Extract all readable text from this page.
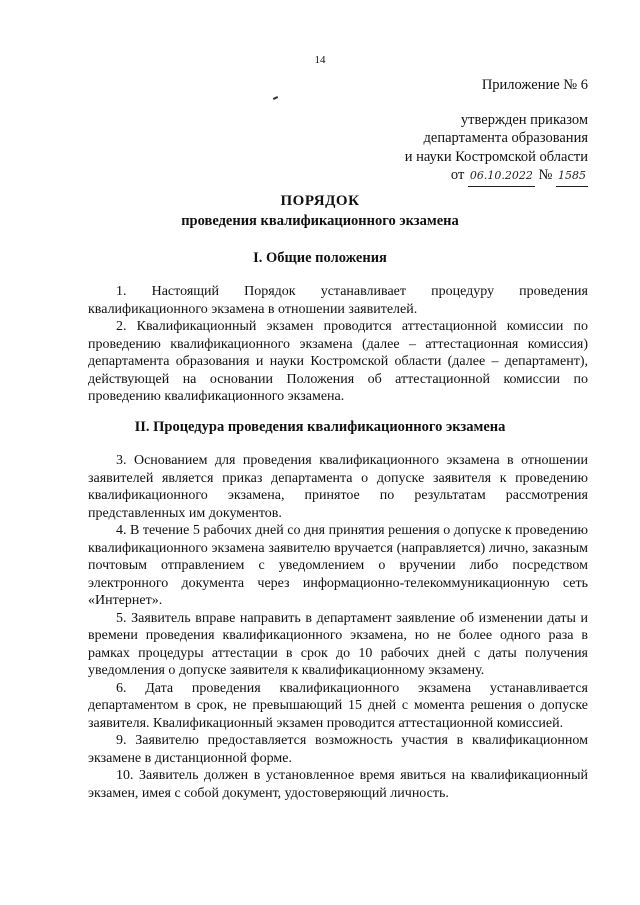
14
Приложение № 6
утвержден приказом
департамента образования
и науки Костромской области
от 06.10.2022 № 1585
ПОРЯДОК
проведения квалификационного экзамена
I. Общие положения

1. Настоящий Порядок устанавливает процедуру проведения квалификационного экзамена в отношении заявителей.

2. Квалификационный экзамен проводится аттестационной комиссии по проведению квалификационного экзамена (далее – аттестационная комиссия) департамента образования и науки Костромской области (далее – департамент), действующей на основании Положения об аттестационной комиссии по проведению квалификационного экзамена.

II. Процедура проведения квалификационного экзамена

3. Основанием для проведения квалификационного экзамена в отношении заявителей является приказ департамента о допуске заявителя к проведению квалификационного экзамена, принятое по результатам рассмотрения представленных им документов.

4. В течение 5 рабочих дней со дня принятия решения о допуске к проведению квалификационного экзамена заявителю вручается (направляется) лично, заказным почтовым отправлением с уведомлением о вручении либо посредством электронного документа через информационно-телекоммуникационную сеть «Интернет».

5. Заявитель вправе направить в департамент заявление об изменении даты и времени проведения квалификационного экзамена, но не более одного раза в рамках процедуры аттестации в срок до 10 рабочих дней с даты получения уведомления о допуске заявителя к квалификационному экзамену.

6. Дата проведения квалификационного экзамена устанавливается департаментом в срок, не превышающий 15 дней с момента решения о допуске заявителя. Квалификационный экзамен проводится аттестационной комиссией.

9. Заявителю предоставляется возможность участия в квалификационном экзамене в дистанционной форме.

10. Заявитель должен в установленное время явиться на квалификационный экзамен, имея с собой документ, удостоверяющий личность.
